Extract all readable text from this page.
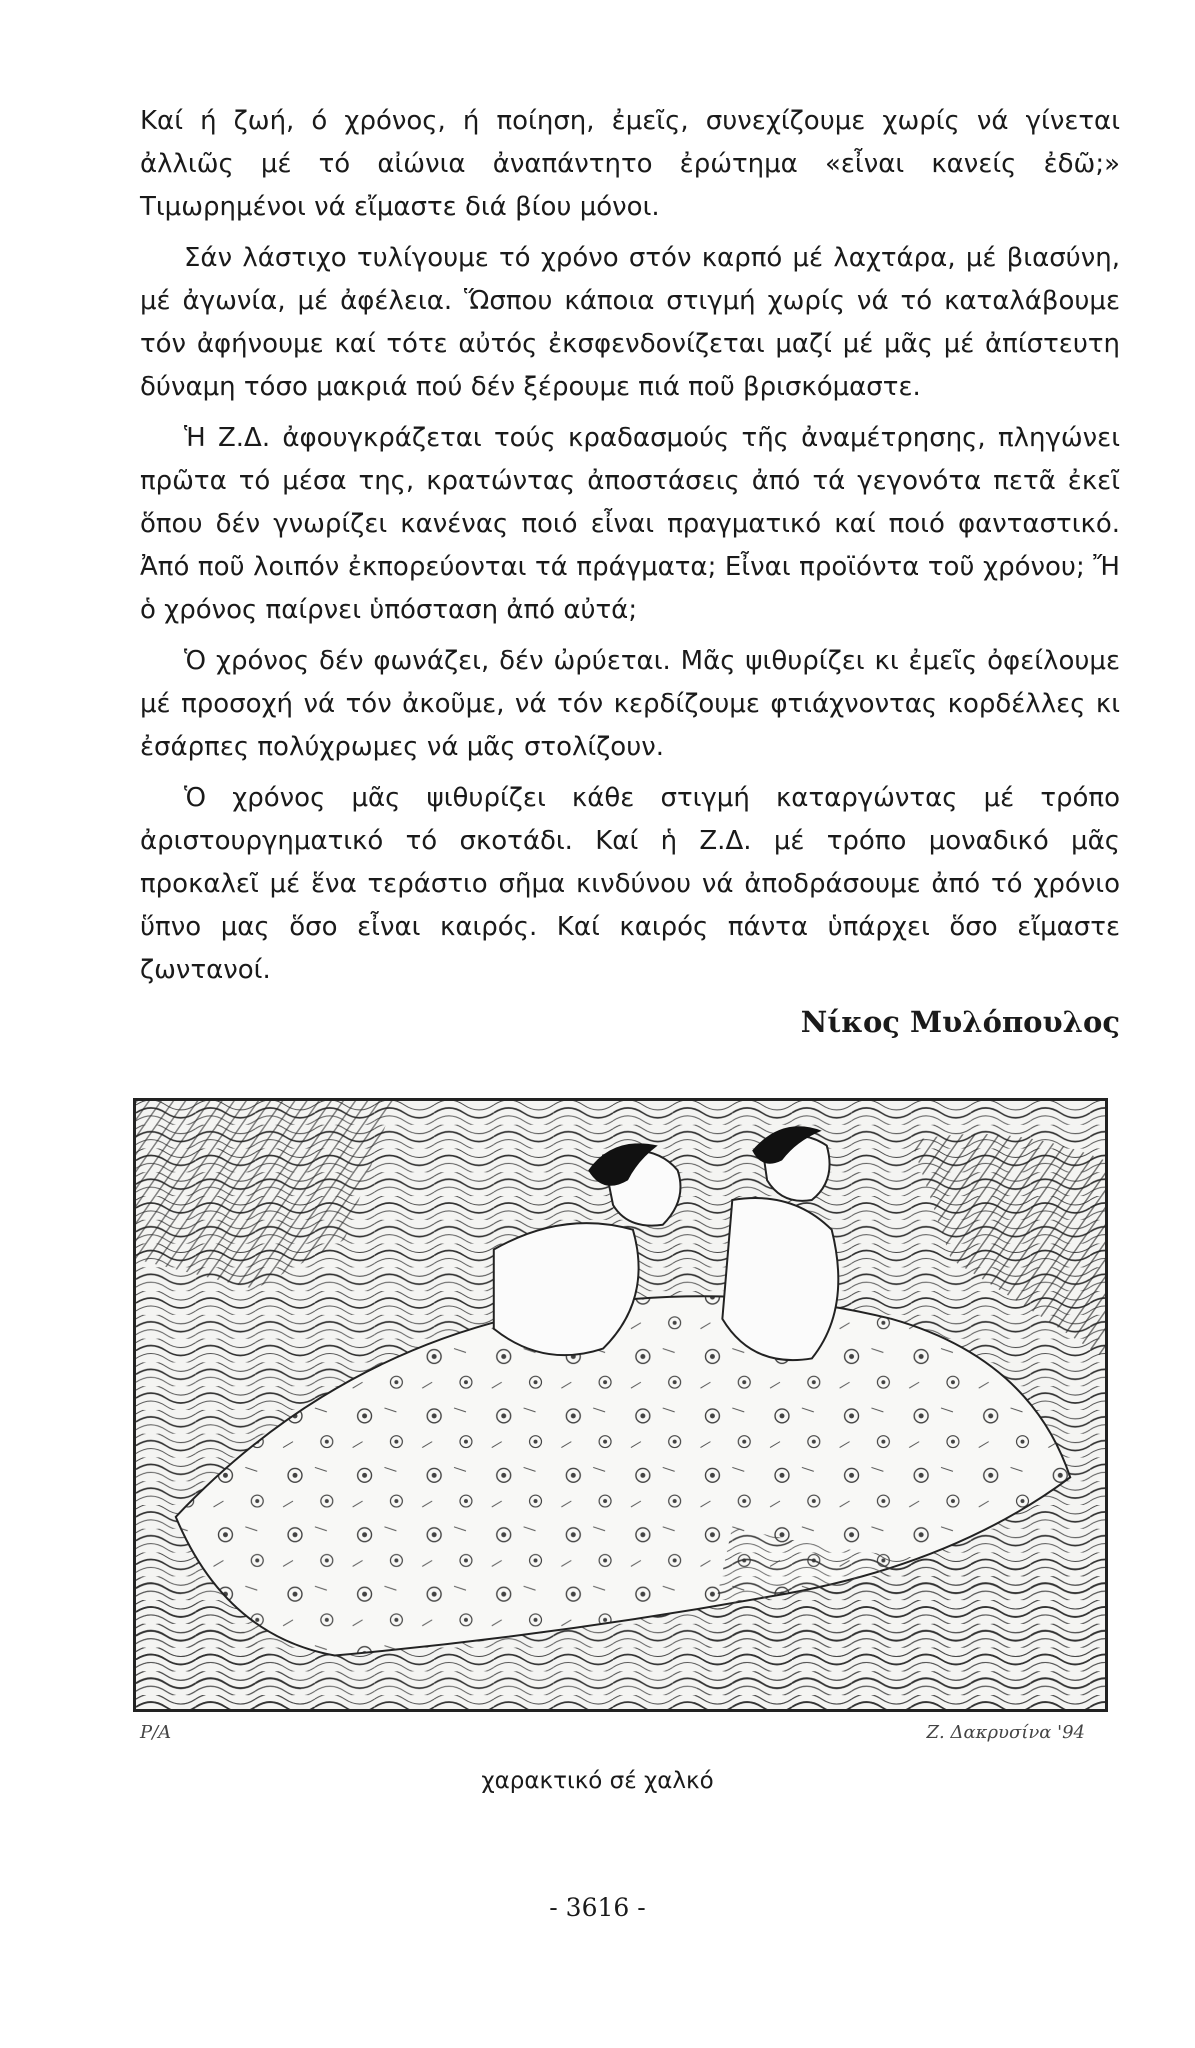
Καί ή ζωή, ό χρόνος, ή ποίηση, ἐμεῖς, συνεχίζουμε χωρίς νά γίνεται ἀλλιῶς μέ τό αἰώνια ἀναπάντητο ἐρώτημα «εἶναι κανείς ἐδῶ;» Τιμωρημένοι νά εἴμαστε διά βίου μόνοι.

Σάν λάστιχο τυλίγουμε τό χρόνο στόν καρπό μέ λαχτάρα, μέ βιασύνη, μέ ἀγωνία, μέ ἀφέλεια. Ὥσπου κάποια στιγμή χωρίς νά τό καταλάβουμε τόν ἀφήνουμε καί τότε αὐτός ἐκσφενδονίζεται μαζί μέ μᾶς μέ ἀπίστευτη δύναμη τόσο μακριά πού δέν ξέρουμε πιά ποῦ βρισκόμαστε.

Ἡ Ζ.Δ. ἀφουγκράζεται τούς κραδασμούς τῆς ἀναμέτρησης, πληγώνει πρῶτα τό μέσα της, κρατώντας ἀποστάσεις ἀπό τά γεγονότα πετᾶ ἐκεῖ ὅπου δέν γνωρίζει κανένας ποιό εἶναι πραγματικό καί ποιό φανταστικό. Ἀπό ποῦ λοιπόν ἐκπορεύονται τά πράγματα; Εἶναι προϊόντα τοῦ χρόνου; Ἤ ὁ χρόνος παίρνει ὑπόσταση ἀπό αὐτά;

Ὁ χρόνος δέν φωνάζει, δέν ὠρύεται. Μᾶς ψιθυρίζει κι ἐμεῖς ὀφείλουμε μέ προσοχή νά τόν ἀκοῦμε, νά τόν κερδίζουμε φτιάχνοντας κορδέλλες κι ἐσάρπες πολύχρωμες νά μᾶς στολίζουν.

Ὁ χρόνος μᾶς ψιθυρίζει κάθε στιγμή καταργώντας μέ τρόπο ἀριστουργηματικό τό σκοτάδι. Καί ἡ Ζ.Δ. μέ τρόπο μοναδικό μᾶς προκαλεῖ μέ ἕνα τεράστιο σῆμα κινδύνου νά ἀποδράσουμε ἀπό τό χρόνιο ὕπνο μας ὅσο εἶναι καιρός. Καί καιρός πάντα ὑπάρχει ὅσο εἴμαστε ζωντανοί.

Νίκος Μυλόπουλος
P/A	Ζ. Δακρυσίνα '94
χαρακτικό σέ χαλκό
- 3616 -
